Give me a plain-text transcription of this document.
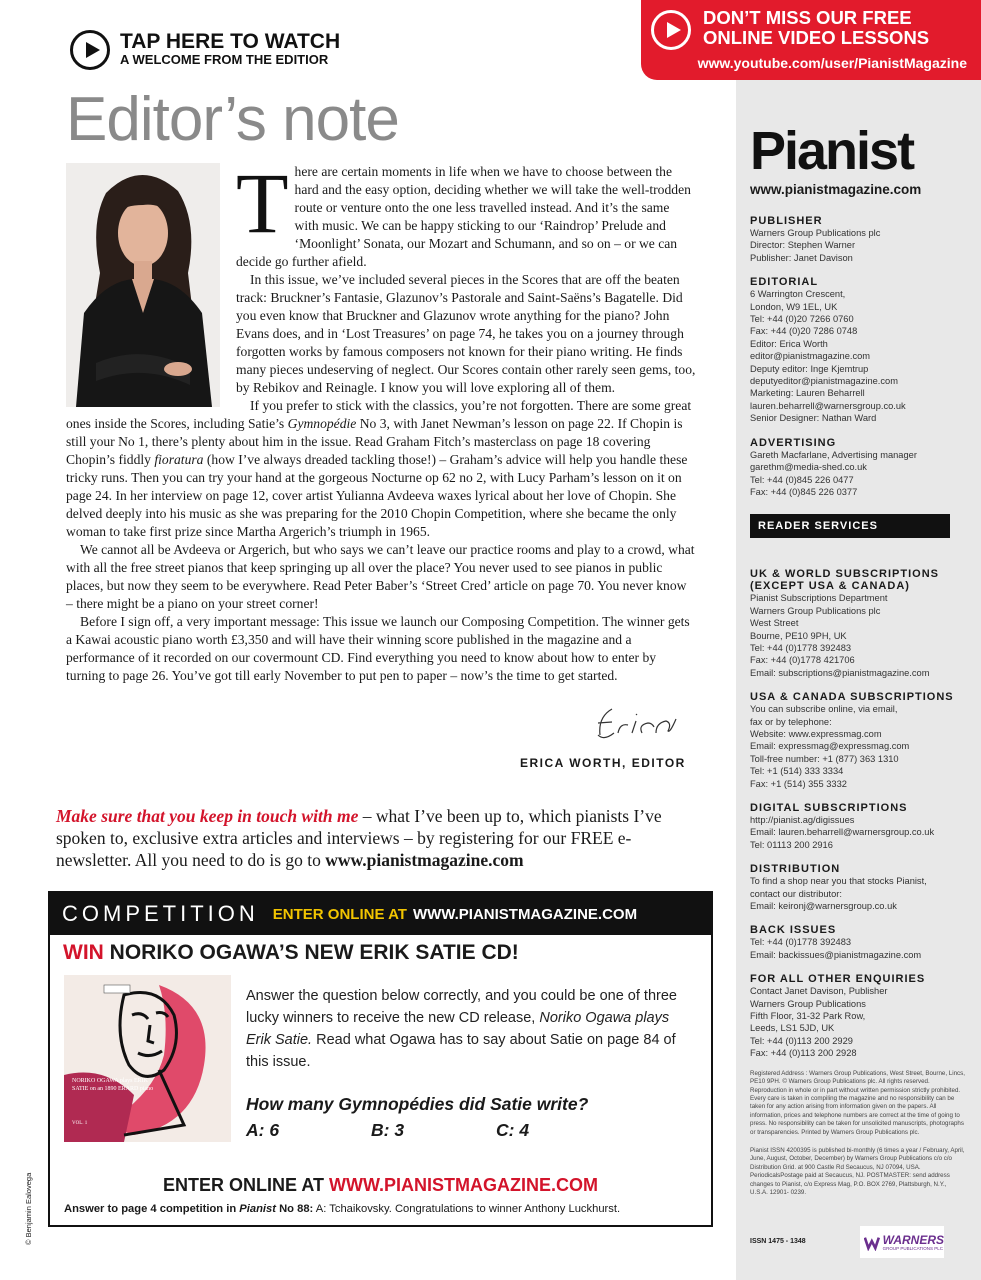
TAP HERE TO WATCH
A WELCOME FROM THE EDITIOR
DON’T MISS OUR FREE
ONLINE VIDEO LESSONS
www.youtube.com/user/PianistMagazine
Editor’s note

There are certain moments in life when we have to choose between the hard and the easy option, deciding whether we will take the well-trodden route or venture onto the one less travelled instead. And it’s the same with music. We can be happy sticking to our ‘Raindrop’ Prelude and ‘Moonlight’ Sonata, our Mozart and Schumann, and so on – or we can decide go further afield.

In this issue, we’ve included several pieces in the Scores that are off the beaten track: Bruckner’s Fantasie, Glazunov’s Pastorale and Saint-Saëns’s Bagatelle. Did you even know that Bruckner and Glazunov wrote anything for the piano? John Evans does, and in ‘Lost Treasures’ on page 74, he takes you on a journey through forgotten works by famous composers not known for their piano writing. He finds many pieces undeserving of neglect. Our Scores contain other rarely seen gems, too, by Rebikov and Reinagle. I know you will love exploring all of them.

If you prefer to stick with the classics, you’re not forgotten. There are some great ones inside the Scores, including Satie’s Gymnopédie No 3, with Janet Newman’s lesson on page 22. If Chopin is still your No 1, there’s plenty about him in the issue. Read Graham Fitch’s masterclass on page 18 covering Chopin’s fiddly fioratura (how I’ve always dreaded tackling those!) – Graham’s advice will help you handle these tricky runs. Then you can try your hand at the gorgeous Nocturne op 62 no 2, with Lucy Parham’s lesson on it on page 24. In her interview on page 12, cover artist Yulianna Avdeeva waxes lyrical about her love of Chopin. She delved deeply into his music as she was preparing for the 2010 Chopin Competition, where she became the only woman to take first prize since Martha Argerich’s triumph in 1965.

We cannot all be Avdeeva or Argerich, but who says we can’t leave our practice rooms and play to a crowd, what with all the free street pianos that keep springing up all over the place? You never used to see pianos in public places, but now they seem to be everywhere. Read Peter Baber’s ‘Street Cred’ article on page 70. You never know – there might be a piano on your street corner!

Before I sign off, a very important message: This issue we launch our Composing Competition. The winner gets a Kawai acoustic piano worth £3,350 and will have their winning score published in the magazine and a performance of it recorded on our covermount CD. Find everything you need to know about how to enter by turning to page 26. You’ve got till early November to put pen to paper – now’s the time to get started.

ERICA WORTH, EDITOR
Make sure that you keep in touch with me – what I’ve been up to, which pianists I’ve spoken to, exclusive extra articles and interviews – by registering for our FREE e-newsletter. All you need to do is go to www.pianistmagazine.com
COMPETITION ENTER ONLINE AT WWW.PIANISTMAGAZINE.COM
WIN NORIKO OGAWA’S NEW ERIK SATIE CD!
NORIKO OGAWA plays ERIK SATIE on an 1890 ERARD piano
VOL. 1
Answer the question below correctly, and you could be one of three lucky winners to receive the new CD release, Noriko Ogawa plays Erik Satie. Read what Ogawa has to say about Satie on page 84 of this issue.
How many Gymnopédies did Satie write?
A: 6	B: 3	C: 4
ENTER ONLINE AT WWW.PIANISTMAGAZINE.COM
Answer to page 4 competition in Pianist No 88: A: Tchaikovsky. Congratulations to winner Anthony Luckhurst.
© Benjamin Ealovega
Pianist
www.pianistmagazine.com
PUBLISHER
Warners Group Publications plc
Director: Stephen Warner
Publisher: Janet Davison
EDITORIAL
6 Warrington Crescent,
London, W9 1EL, UK
Tel: +44 (0)20 7266 0760
Fax: +44 (0)20 7286 0748
Editor: Erica Worth
editor@pianistmagazine.com
Deputy editor: Inge Kjemtrup
deputyeditor@pianistmagazine.com
Marketing: Lauren Beharrell
lauren.beharrell@warnersgroup.co.uk
Senior Designer: Nathan Ward
ADVERTISING
Gareth Macfarlane, Advertising manager
garethm@media-shed.co.uk
Tel: +44 (0)845 226 0477
Fax: +44 (0)845 226 0377
READER SERVICES
UK & WORLD SUBSCRIPTIONS
(EXCEPT USA & CANADA)
Pianist Subscriptions Department
Warners Group Publications plc
West Street
Bourne, PE10 9PH, UK
Tel: +44 (0)1778 392483
Fax: +44 (0)1778 421706
Email: subscriptions@pianistmagazine.com
USA & CANADA SUBSCRIPTIONS
You can subscribe online, via email,
fax or by telephone:
Website: www.expressmag.com
Email: expressmag@expressmag.com
Toll-free number: +1 (877) 363 1310
Tel: +1 (514) 333 3334
Fax: +1 (514) 355 3332
DIGITAL SUBSCRIPTIONS
http://pianist.ag/digissues
Email: lauren.beharrell@warnersgroup.co.uk
Tel: 01113 200 2916
DISTRIBUTION
To find a shop near you that stocks Pianist,
contact our distributor:
Email: keironj@warnersgroup.co.uk
BACK ISSUES
Tel: +44 (0)1778 392483
Email: backissues@pianistmagazine.com
FOR ALL OTHER ENQUIRIES
Contact Janet Davison, Publisher
Warners Group Publications
Fifth Floor, 31-32 Park Row,
Leeds, LS1 5JD, UK
Tel: +44 (0)113 200 2929
Fax: +44 (0)113 200 2928
Registered Address : Warners Group Publications, West Street, Bourne, Lincs, PE10 9PH. © Warners Group Publications plc. All rights reserved. Reproduction in whole or in part without written permission strictly prohibited. Every care is taken in compiling the magazine and no responsibility can be taken for any action arising from information given on the papers. All information, prices and telephone numbers are correct at the time of going to press. No responsibility can be taken for unsolicited manuscripts, photographs or transparencies. Printed by Warners Group Publications plc.
Pianist ISSN 4200395 is published bi-monthly (6 times a year / February, April, June, August, October, December) by Warners Group Publications c/o c/o Distribution Grid. at 900 Castle Rd Secaucus, NJ 07094, USA. PeriodicalsPostage paid at Secaucus, NJ. POSTMASTER: send address changes to Pianist, c/o Express Mag, P.O. BOX 2769, Plattsburgh, N.Y., U.S.A. 12901- 0239.
ISSN 1475 - 1348	WARNERS
GROUP PUBLICATIONS PLC
